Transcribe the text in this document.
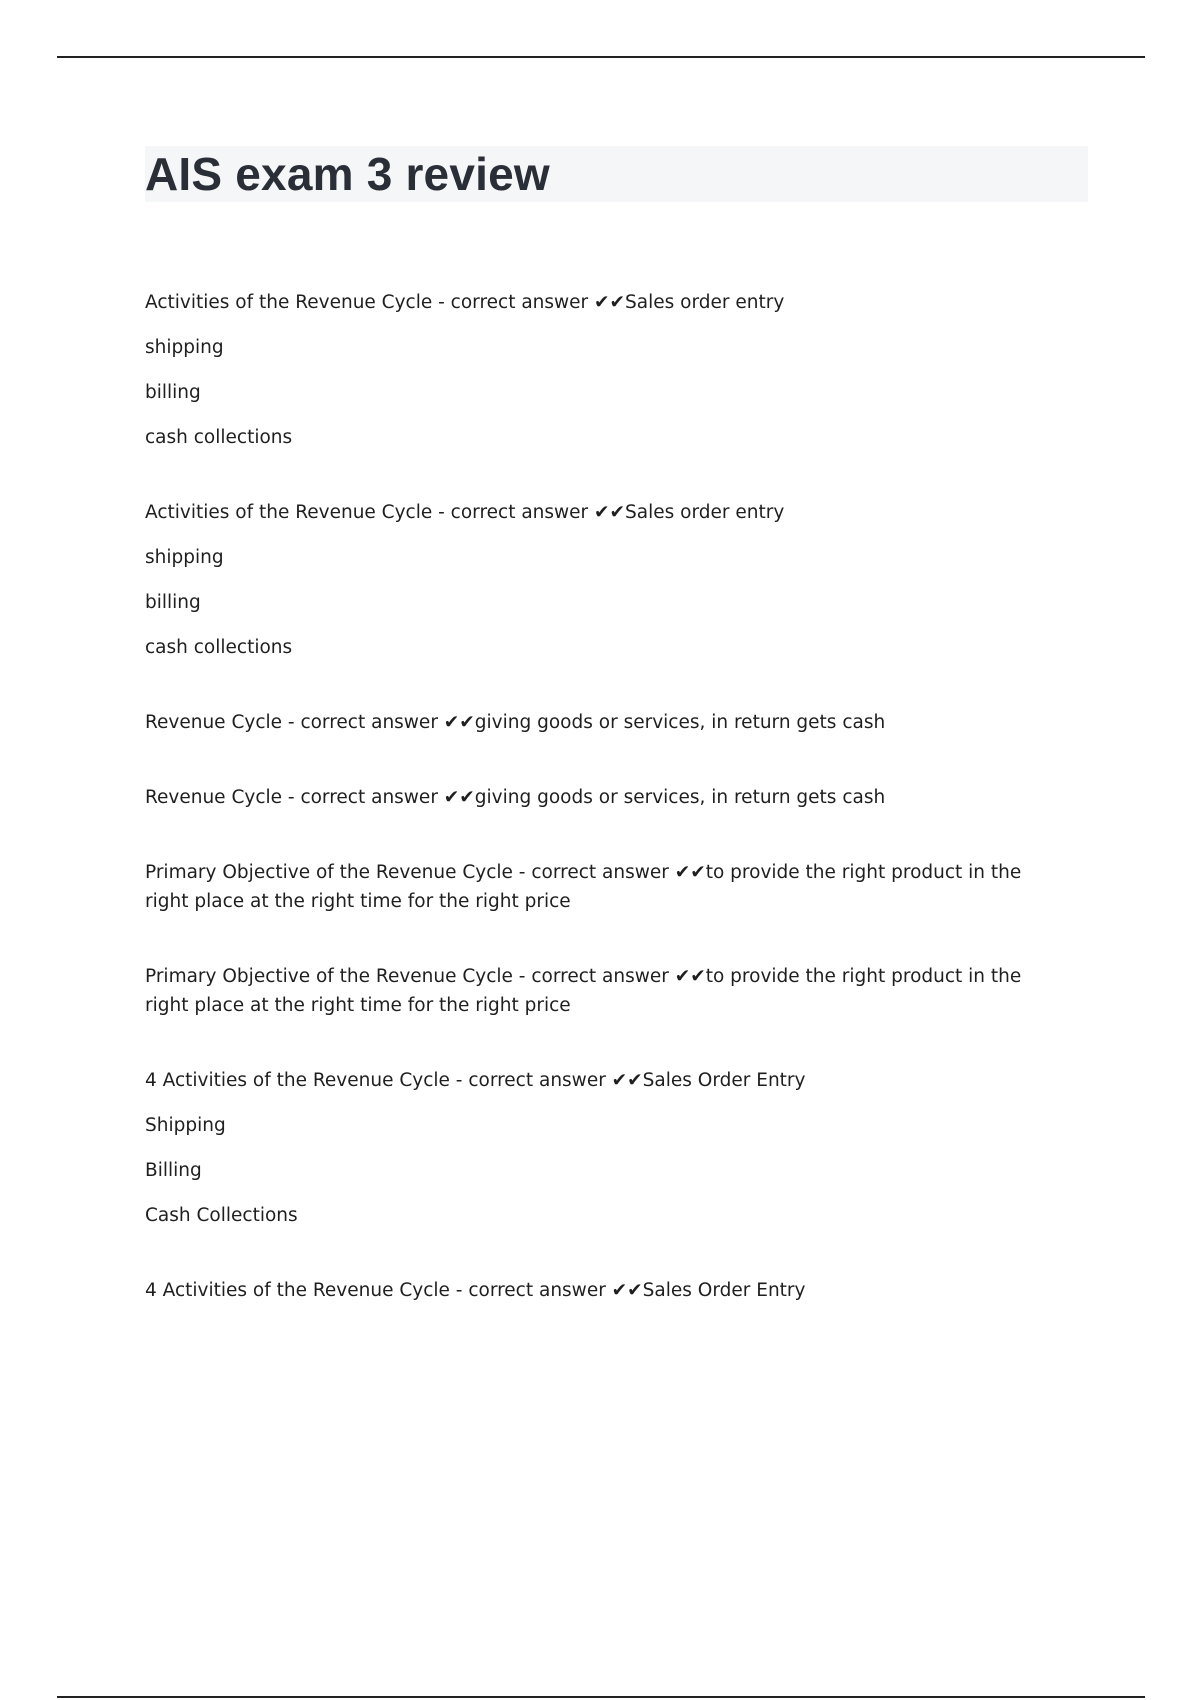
AIS exam 3 review

Activities of the Revenue Cycle - correct answer ✔✔Sales order entry

shipping

billing

cash collections

Activities of the Revenue Cycle - correct answer ✔✔Sales order entry

shipping

billing

cash collections

Revenue Cycle - correct answer ✔✔giving goods or services, in return gets cash

Revenue Cycle - correct answer ✔✔giving goods or services, in return gets cash

Primary Objective of the Revenue Cycle - correct answer ✔✔to provide the right product in the right place at the right time for the right price

Primary Objective of the Revenue Cycle - correct answer ✔✔to provide the right product in the right place at the right time for the right price

4 Activities of the Revenue Cycle - correct answer ✔✔Sales Order Entry

Shipping

Billing

Cash Collections

4 Activities of the Revenue Cycle - correct answer ✔✔Sales Order Entry
